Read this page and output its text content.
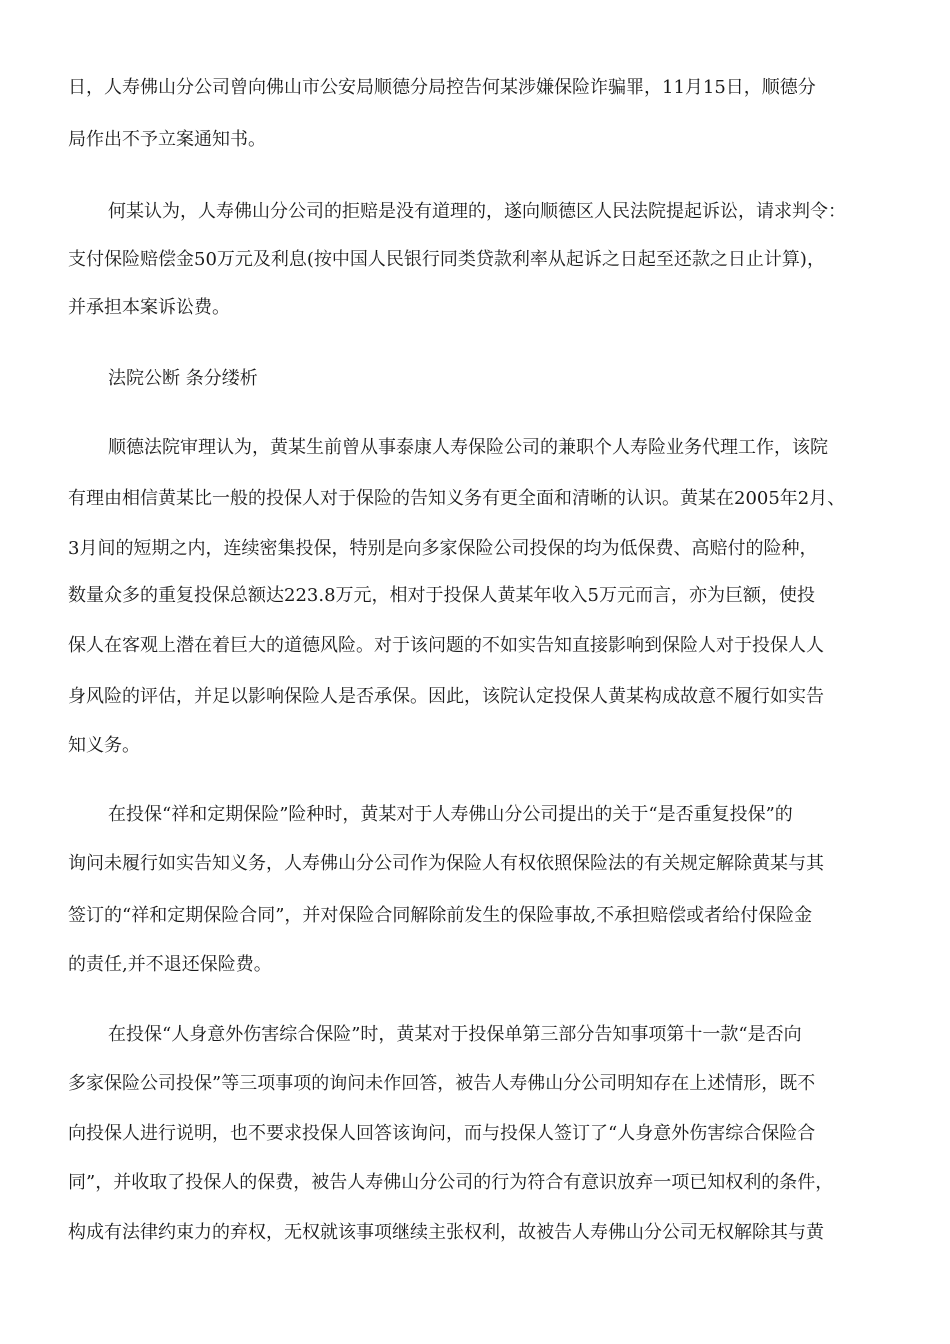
日，人寿佛山分公司曾向佛山市公安局顺德分局控告何某涉嫌保险诈骗罪，11月15日，顺德分
局作出不予立案通知书。
何某认为，人寿佛山分公司的拒赔是没有道理的，遂向顺德区人民法院提起诉讼，请求判令：
支付保险赔偿金50万元及利息(按中国人民银行同类贷款利率从起诉之日起至还款之日止计算)，
并承担本案诉讼费。
法院公断 条分缕析
顺德法院审理认为，黄某生前曾从事泰康人寿保险公司的兼职个人寿险业务代理工作，该院
有理由相信黄某比一般的投保人对于保险的告知义务有更全面和清晰的认识。黄某在2005年2月、
3月间的短期之内，连续密集投保，特别是向多家保险公司投保的均为低保费、高赔付的险种，
数量众多的重复投保总额达223.8万元，相对于投保人黄某年收入5万元而言，亦为巨额，使投
保人在客观上潜在着巨大的道德风险。对于该问题的不如实告知直接影响到保险人对于投保人人
身风险的评估，并足以影响保险人是否承保。因此，该院认定投保人黄某构成故意不履行如实告
知义务。
在投保“祥和定期保险”险种时，黄某对于人寿佛山分公司提出的关于“是否重复投保”的
询问未履行如实告知义务，人寿佛山分公司作为保险人有权依照保险法的有关规定解除黄某与其
签订的“祥和定期保险合同”，并对保险合同解除前发生的保险事故,不承担赔偿或者给付保险金
的责任,并不退还保险费。
在投保“人身意外伤害综合保险”时，黄某对于投保单第三部分告知事项第十一款“是否向
多家保险公司投保”等三项事项的询问未作回答，被告人寿佛山分公司明知存在上述情形，既不
向投保人进行说明，也不要求投保人回答该询问，而与投保人签订了“人身意外伤害综合保险合
同”，并收取了投保人的保费，被告人寿佛山分公司的行为符合有意识放弃一项已知权利的条件，
构成有法律约束力的弃权，无权就该事项继续主张权利，故被告人寿佛山分公司无权解除其与黄
